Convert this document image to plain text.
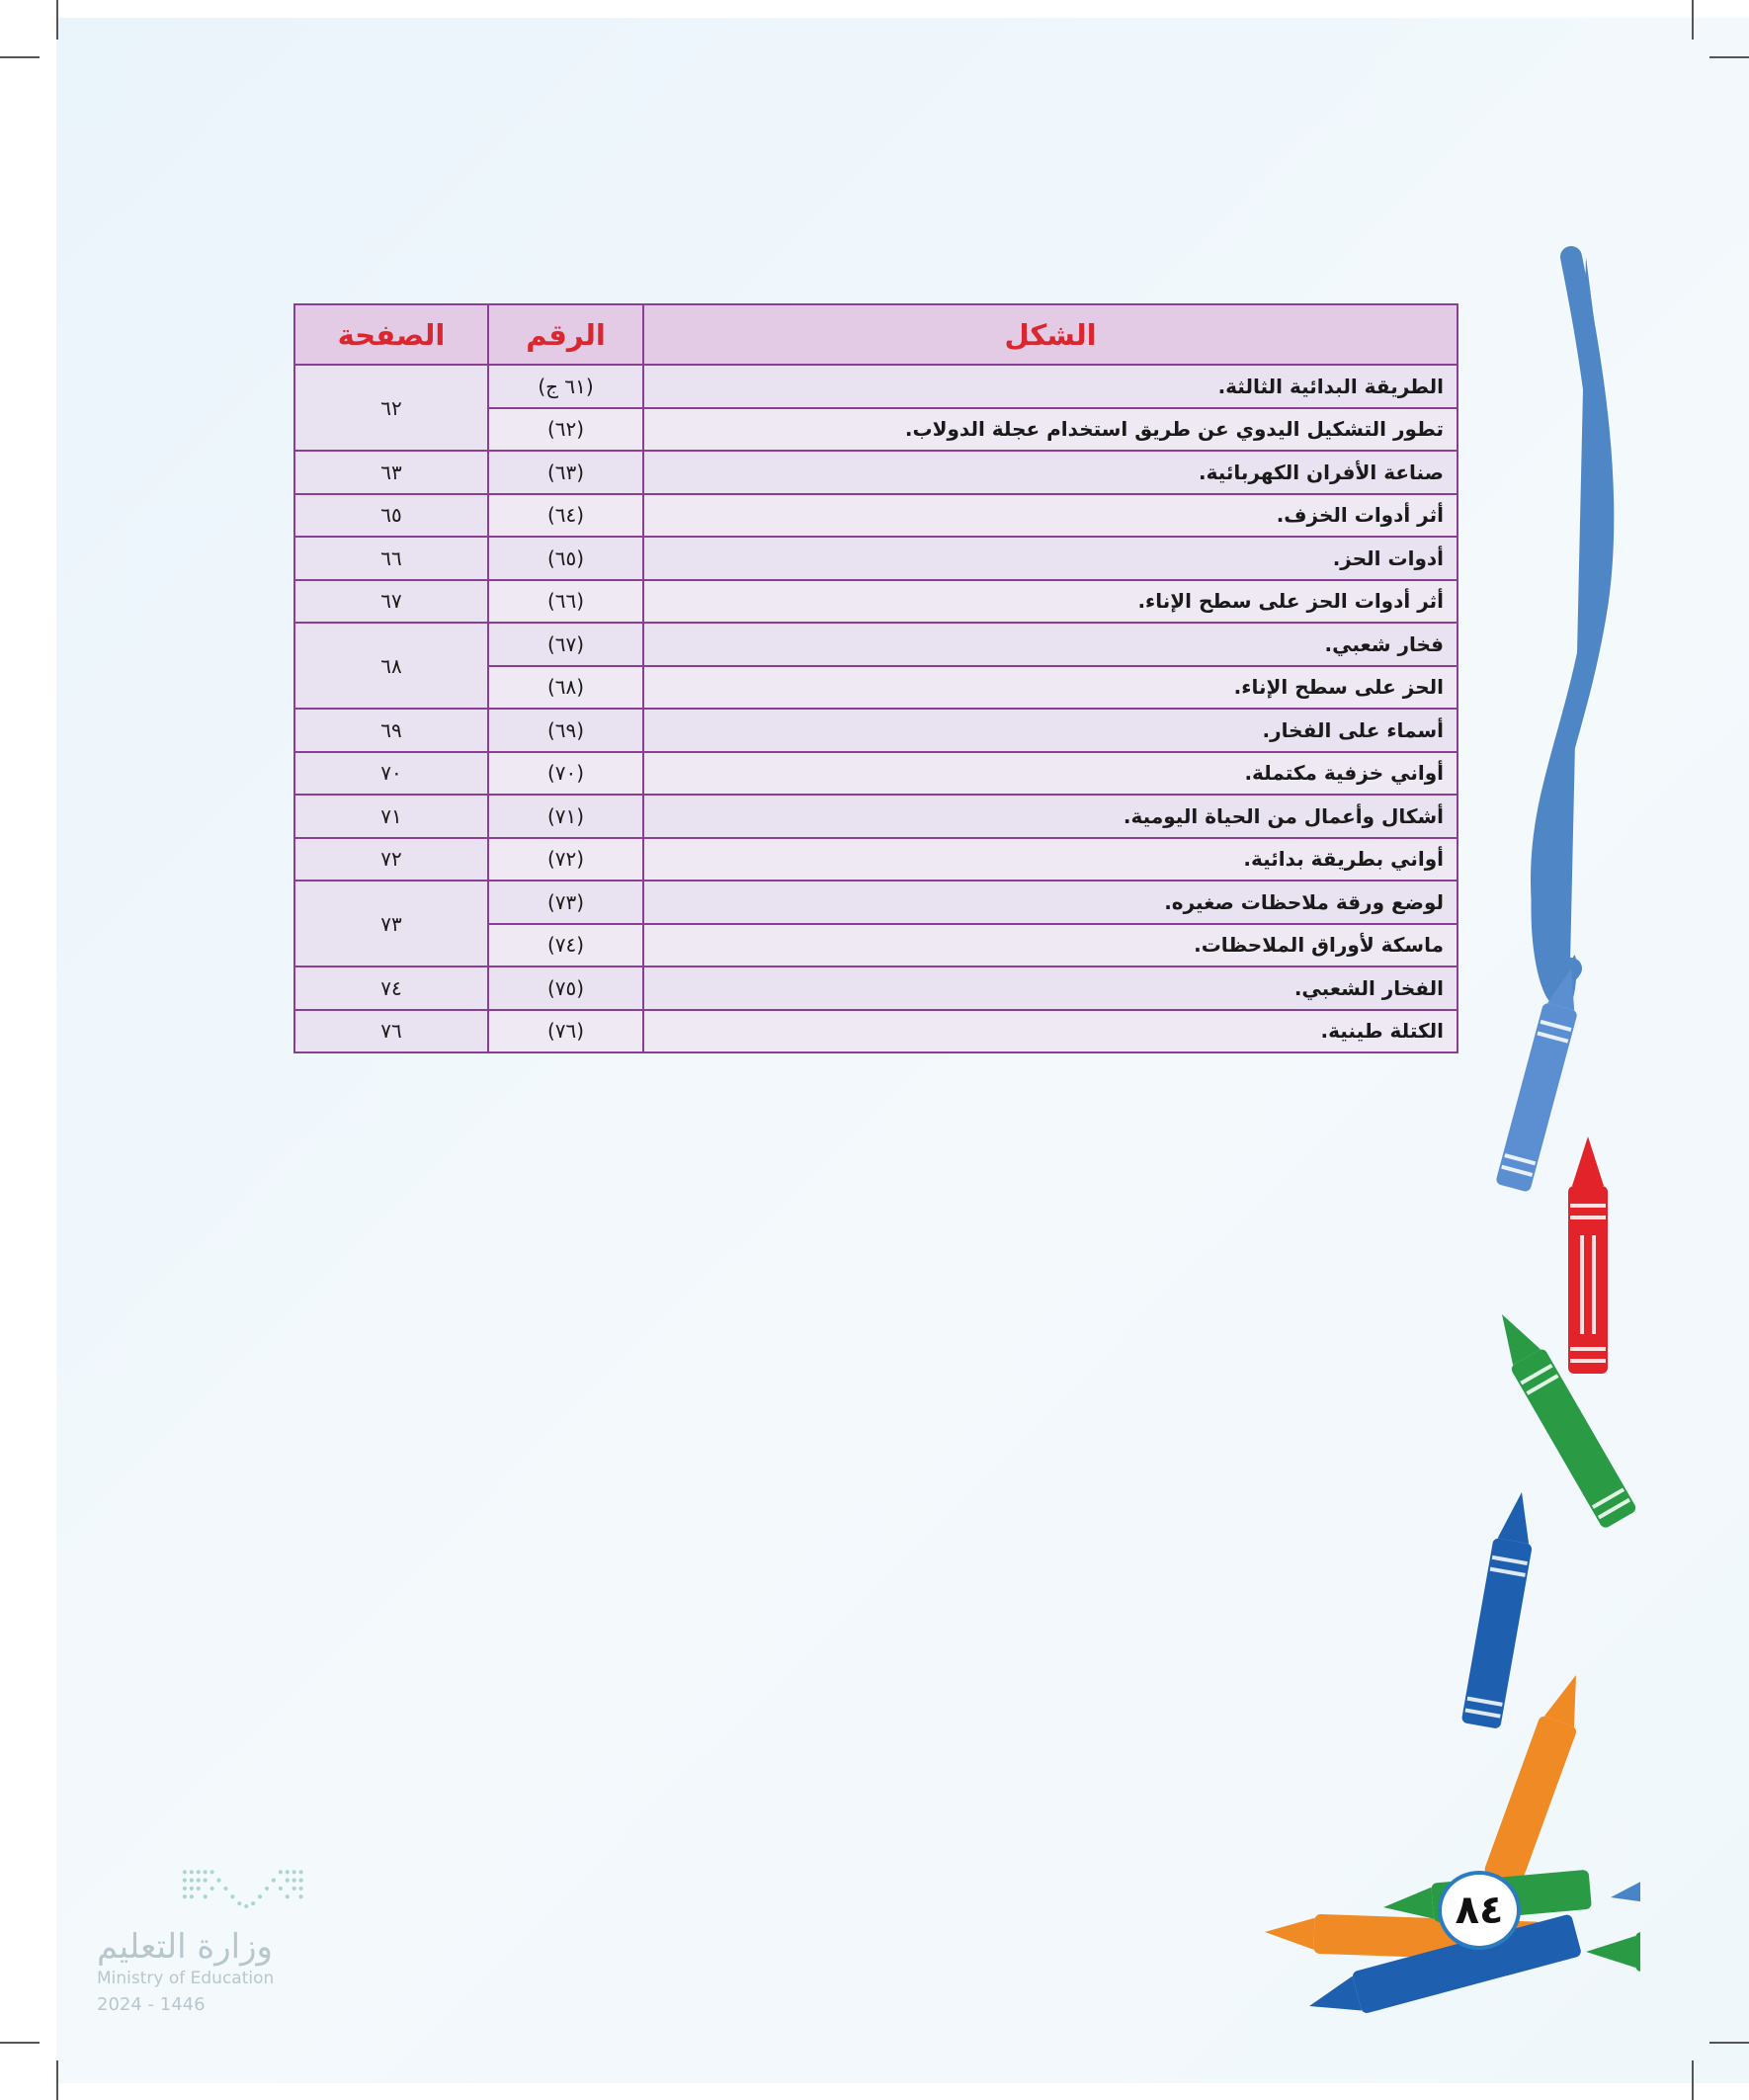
الشكل	الرقم	الصفحة
الطريقة البدائية الثالثة.	(٦١ ج)	٦٢
تطور التشكيل اليدوي عن طريق استخدام عجلة الدولاب.	(٦٢)	
صناعة الأفران الكهربائية.	(٦٣)	٦٣
أثر أدوات الخزف.	(٦٤)	٦٥
أدوات الحز.	(٦٥)	٦٦
أثر أدوات الحز على سطح الإناء.	(٦٦)	٦٧
فخار شعبي.	(٦٧)	٦٨
الحز على سطح الإناء.	(٦٨)	
أسماء على الفخار.	(٦٩)	٦٩
أواني خزفية مكتملة.	(٧٠)	٧٠
أشكال وأعمال من الحياة اليومية.	(٧١)	٧١
أواني بطريقة بدائية.	(٧٢)	٧٢
لوضع ورقة ملاحظات صغيره.	(٧٣)	٧٣
ماسكة لأوراق الملاحظات.	(٧٤)	
الفخار الشعبي.	(٧٥)	٧٤
الكتلة طينية.	(٧٦)	٧٦
٨٤
وزارة التعليم
Ministry of Education
2024 - 1446
